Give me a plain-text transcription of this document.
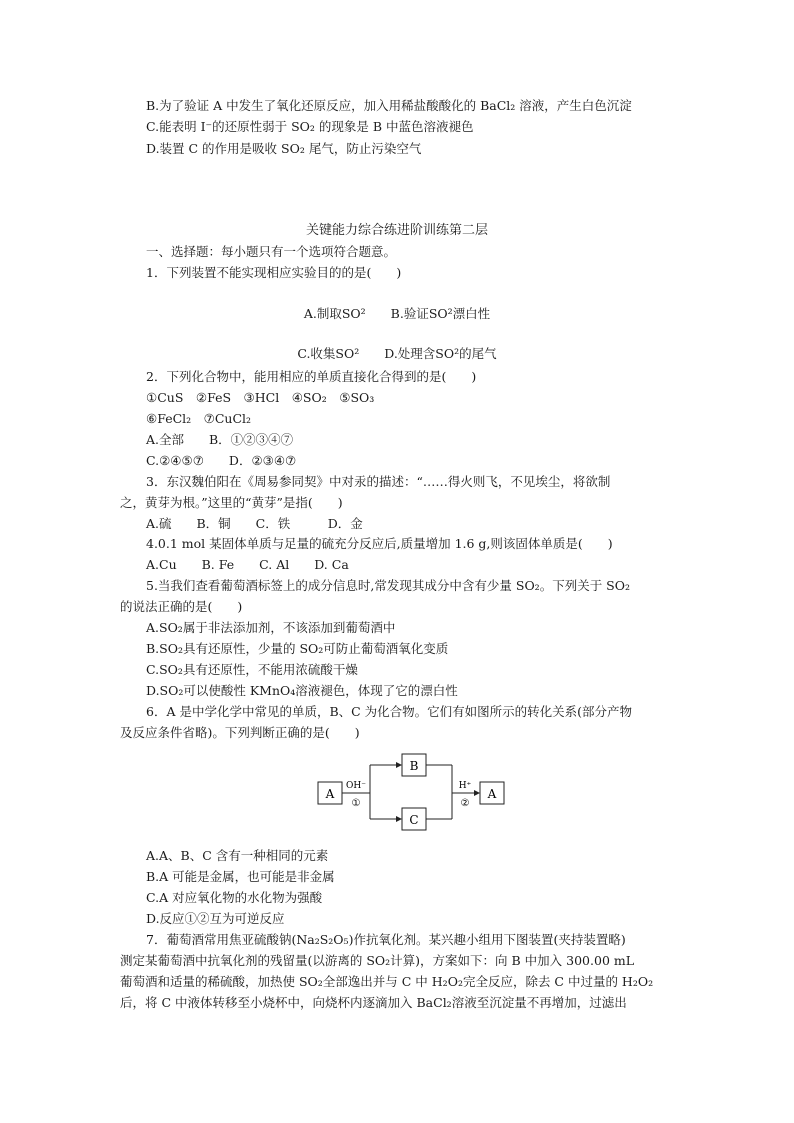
B.为了验证 A 中发生了氧化还原反应，加入用稀盐酸酸化的 BaCl₂ 溶液，产生白色沉淀
C.能表明 I⁻的还原性弱于 SO₂ 的现象是 B 中蓝色溶液褪色
D.装置 C 的作用是吸收 SO₂ 尾气，防止污染空气
关键能力综合练进阶训练第二层
一、选择题：每小题只有一个选项符合题意。
1．下列装置不能实现相应实验目的的是(　　)
A.制取SO²　　B.验证SO²漂白性
C.收集SO²　　D.处理含SO²的尾气
2．下列化合物中，能用相应的单质直接化合得到的是(　　)
①CuS　②FeS　③HCl　④SO₂　⑤SO₃
⑥FeCl₂　⑦CuCl₂
A.全部　　B．①②③④⑦
C.②④⑤⑦　　D．②③④⑦
3．东汉魏伯阳在《周易参同契》中对汞的描述：“……得火则飞，不见埃尘，将欲制
之，黄芽为根。”这里的“黄芽”是指(　　)
A.硫　　B．铜　　C．铁　　　D．金
4.0.1 mol 某固体单质与足量的硫充分反应后,质量增加 1.6 g,则该固体单质是(　　)
A.Cu　　B. Fe　　C. Al　　D. Ca
5.当我们查看葡萄酒标签上的成分信息时,常发现其成分中含有少量 SO₂。下列关于 SO₂
的说法正确的是(　　)
A.SO₂属于非法添加剂，不该添加到葡萄酒中
B.SO₂具有还原性，少量的 SO₂可防止葡萄酒氧化变质
C.SO₂具有还原性，不能用浓硫酸干燥
D.SO₂可以使酸性 KMnO₄溶液褪色，体现了它的漂白性
6．A 是中学化学中常见的单质，B、C 为化合物。它们有如图所示的转化关系(部分产物
及反应条件省略)。下列判断正确的是(　　)
A
OH⁻
①
B
C
H⁺
②
A
A.A、B、C 含有一种相同的元素
B.A 可能是金属，也可能是非金属
C.A 对应氧化物的水化物为强酸
D.反应①②互为可逆反应
7．葡萄酒常用焦亚硫酸钠(Na₂S₂O₅)作抗氧化剂。某兴趣小组用下图装置(夹持装置略)
测定某葡萄酒中抗氧化剂的残留量(以游离的 SO₂计算)，方案如下：向 B 中加入 300.00 mL
葡萄酒和适量的稀硫酸，加热使 SO₂全部逸出并与 C 中 H₂O₂完全反应，除去 C 中过量的 H₂O₂
后，将 C 中液体转移至小烧杯中，向烧杯内逐滴加入 BaCl₂溶液至沉淀量不再增加，过滤出
